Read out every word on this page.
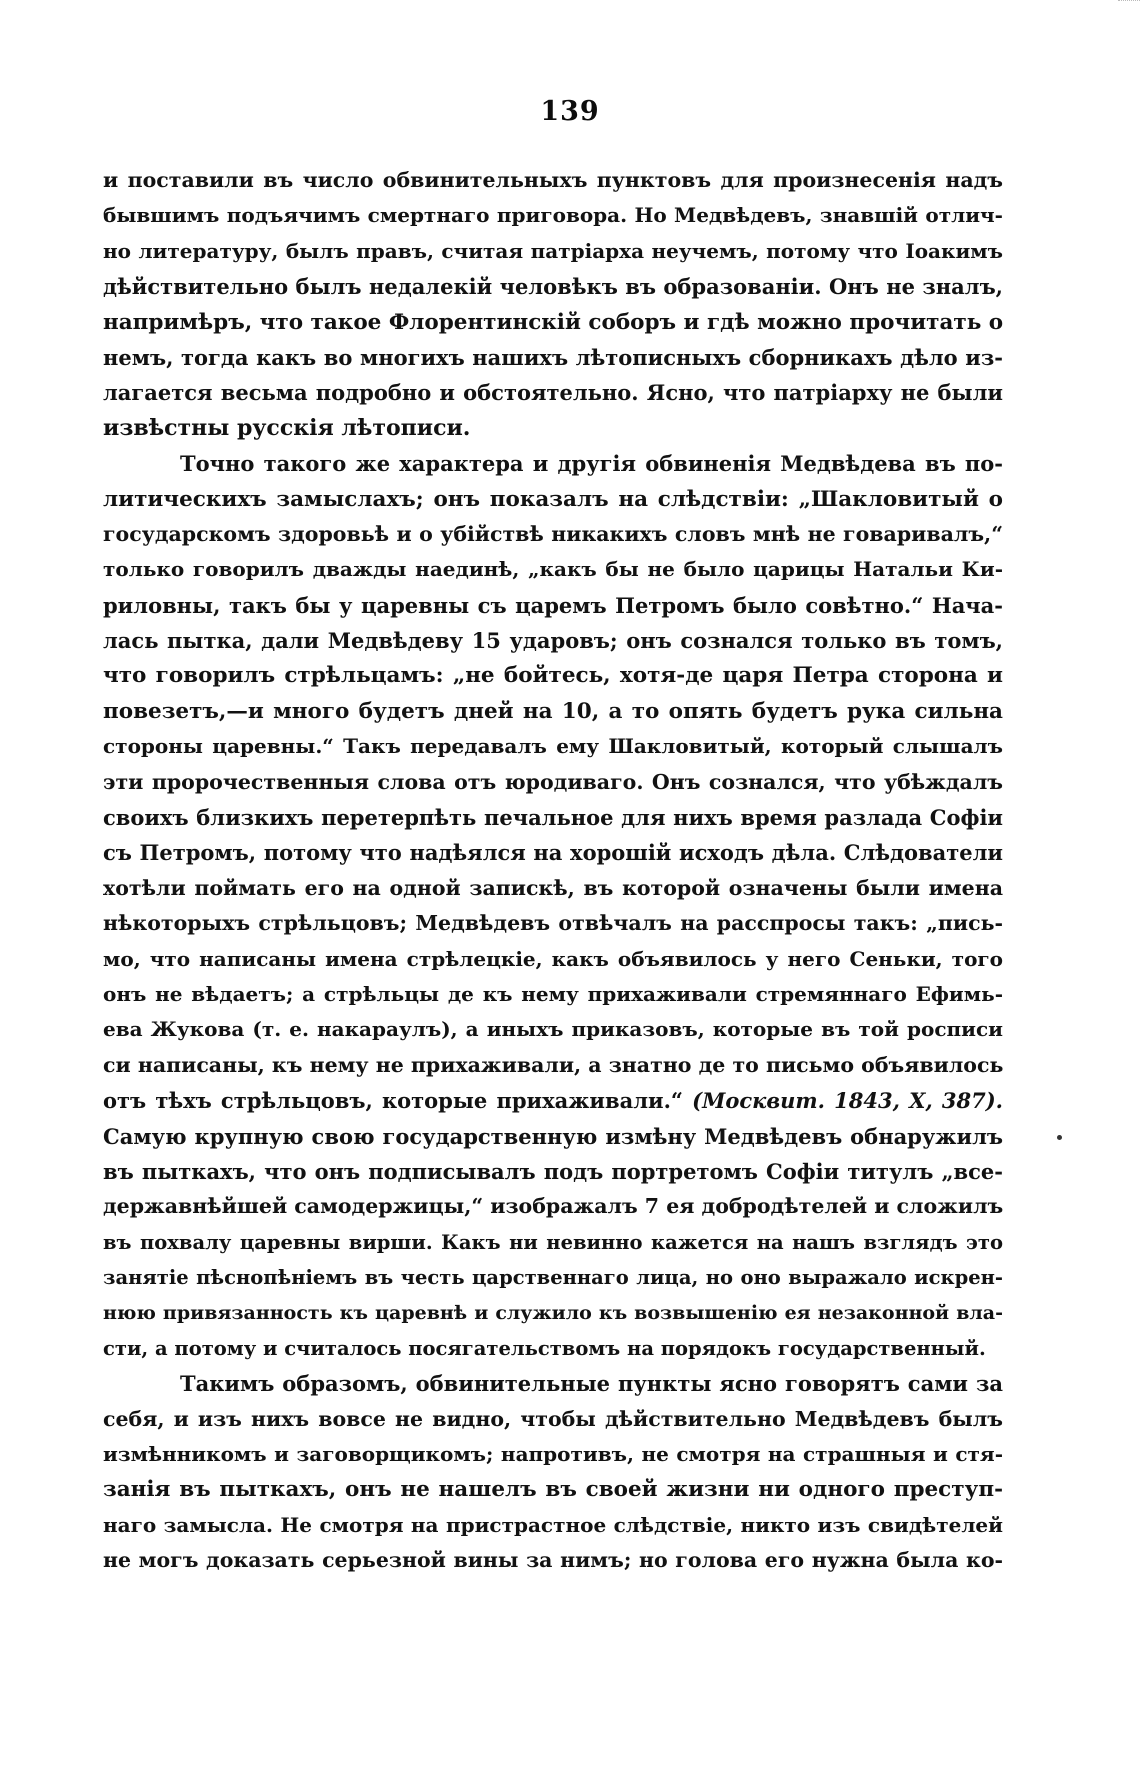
139
и поставили въ число обвинительныхъ пунктовъ для произнесенія надъ
бывшимъ подъячимъ смертнаго приговора. Но Медвѣдевъ, знавшій отлич-
но литературу, былъ правъ, считая патріарха неучемъ, потому что Іоакимъ
дѣйствительно былъ недалекій человѣкъ въ образованіи. Онъ не зналъ,
напримѣръ, что такое Флорентинскій соборъ и гдѣ можно прочитать о
немъ, тогда какъ во многихъ нашихъ лѣтописныхъ сборникахъ дѣло из-
лагается весьма подробно и обстоятельно. Ясно, что патріарху не были
извѣстны русскія лѣтописи.
Точно такого же характера и другія обвиненія Медвѣдева въ по-
литическихъ замыслахъ; онъ показалъ на слѣдствіи: „Шакловитый о
государскомъ здоровьѣ и о убійствѣ никакихъ словъ мнѣ не говаривалъ,“
только говорилъ дважды наединѣ, „какъ бы не было царицы Натальи Ки-
риловны, такъ бы у царевны съ царемъ Петромъ было совѣтно.“ Нача-
лась пытка, дали Медвѣдеву 15 ударовъ; онъ сознался только въ томъ,
что говорилъ стрѣльцамъ: „не бойтесь, хотя-де царя Петра сторона и
повезетъ,—и много будетъ дней на 10, а то опять будетъ рука сильна
стороны царевны.“ Такъ передавалъ ему Шакловитый, который слышалъ
эти пророчественныя слова отъ юродиваго. Онъ сознался, что убѣждалъ
своихъ близкихъ перетерпѣть печальное для нихъ время разлада Софіи
съ Петромъ, потому что надѣялся на хорошій исходъ дѣла. Слѣдователи
хотѣли поймать его на одной запискѣ, въ которой означены были имена
нѣкоторыхъ стрѣльцовъ; Медвѣдевъ отвѣчалъ на расспросы такъ: „пись-
мо, что написаны имена стрѣлецкіе, какъ объявилось у него Сеньки, того
онъ не вѣдаетъ; а стрѣльцы де къ нему прихаживали стремяннаго Ефимь-
ева Жукова (т. е. накараулъ), а иныхъ приказовъ, которые въ той росписи
си написаны, къ нему не прихаживали, а знатно де то письмо объявилось
отъ тѣхъ стрѣльцовъ, которые прихаживали.“ (Москвит. 1843, X, 387).
Самую крупную свою государственную измѣну Медвѣдевъ обнаружилъ
въ пыткахъ, что онъ подписывалъ подъ портретомъ Софіи титулъ „все-
державнѣйшей самодержицы,“ изображалъ 7 ея добродѣтелей и сложилъ
въ похвалу царевны вирши. Какъ ни невинно кажется на нашъ взглядъ это
занятіе пѣснопѣніемъ въ честь царственнаго лица, но оно выражало искрен-
нюю привязанность къ царевнѣ и служило къ возвышенію ея незаконной вла-
сти, а потому и считалось посягательствомъ на порядокъ государственный.
Такимъ образомъ, обвинительные пункты ясно говорятъ сами за
себя, и изъ нихъ вовсе не видно, чтобы дѣйствительно Медвѣдевъ былъ
измѣнникомъ и заговорщикомъ; напротивъ, не смотря на страшныя и стя-
занія въ пыткахъ, онъ не нашелъ въ своей жизни ни одного преступ-
наго замысла. Не смотря на пристрастное слѣдствіе, никто изъ свидѣтелей
не могъ доказать серьезной вины за нимъ; но голова его нужна была ко-
